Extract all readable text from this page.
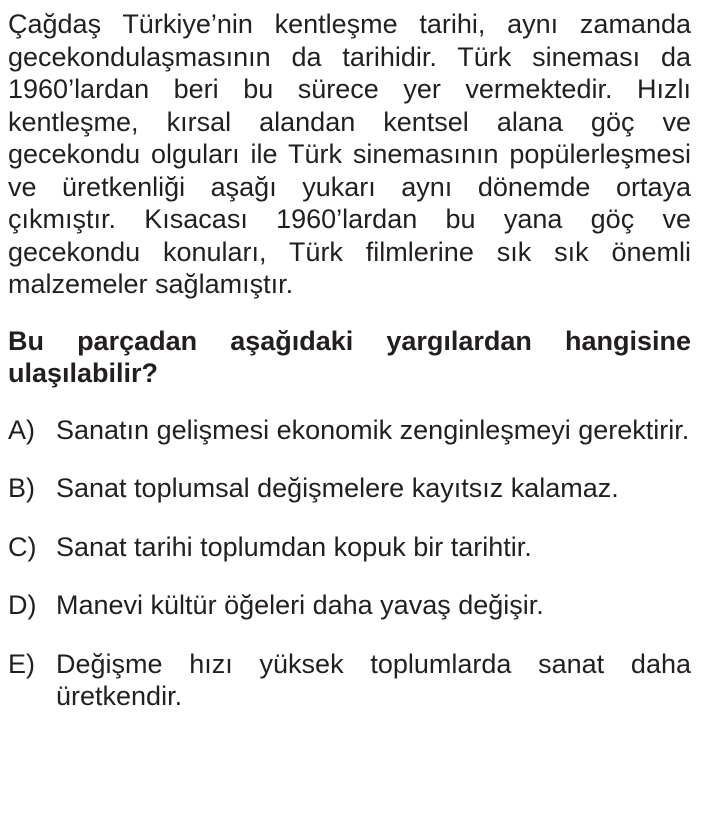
Çağdaş Türkiye’nin kentleşme tarihi, aynı zamanda gecekondulaşmasının da tarihidir. Türk sineması da 1960’lardan beri bu sürece yer vermektedir. Hızlı kentleşme, kırsal alandan kentsel alana göç ve gecekondu olguları ile Türk sinemasının popülerleşmesi ve üretkenliği aşağı yukarı aynı dönemde ortaya çıkmıştır. Kısacası 1960’lardan bu yana göç ve gecekondu konuları, Türk filmlerine sık sık önemli malzemeler sağlamıştır.

Bu parçadan aşağıdaki yargılardan hangisine ulaşılabilir?

A) Sanatın gelişmesi ekonomik zenginleşmeyi gerektirir.
B) Sanat toplumsal değişmelere kayıtsız kalamaz.
C) Sanat tarihi toplumdan kopuk bir tarihtir.
D) Manevi kültür öğeleri daha yavaş değişir.
E) Değişme hızı yüksek toplumlarda sanat daha üretkendir.
